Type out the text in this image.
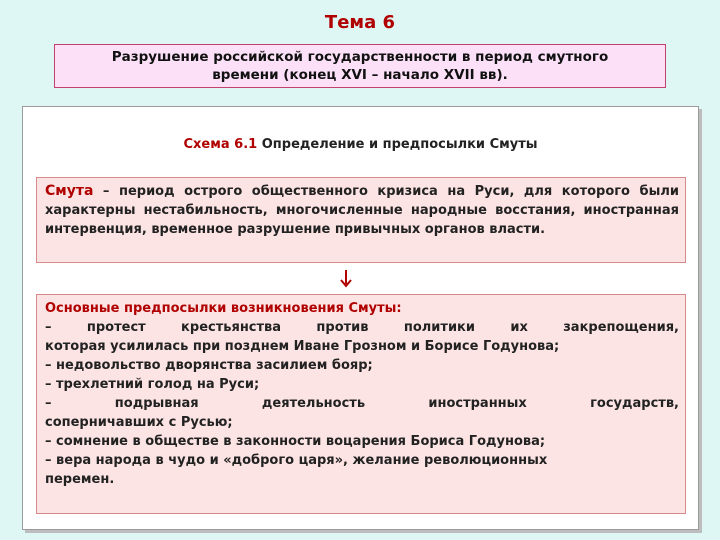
Тема 6
Разрушение российской государственности в период смутного
времени (конец XVI – начало XVII вв).
Схема 6.1 Определение и предпосылки Смуты
Смута – период острого общественного кризиса на Руси, для которого были характерны нестабильность, многочисленные народные восстания, иностранная интервенция, временное разрушение привычных органов власти.
Основные предпосылки возникновения Смуты:
– протест крестьянства против политики их закрепощения,
которая усилилась при позднем Иване Грозном и Борисе Годунова;
– недовольство дворянства засилием бояр;
– трехлетний голод на Руси;
– подрывная деятельность иностранных государств,
соперничавших с Русью;
– сомнение в обществе в законности воцарения Бориса Годунова;
– вера народа в чудо и «доброго царя», желание революционных
перемен.
